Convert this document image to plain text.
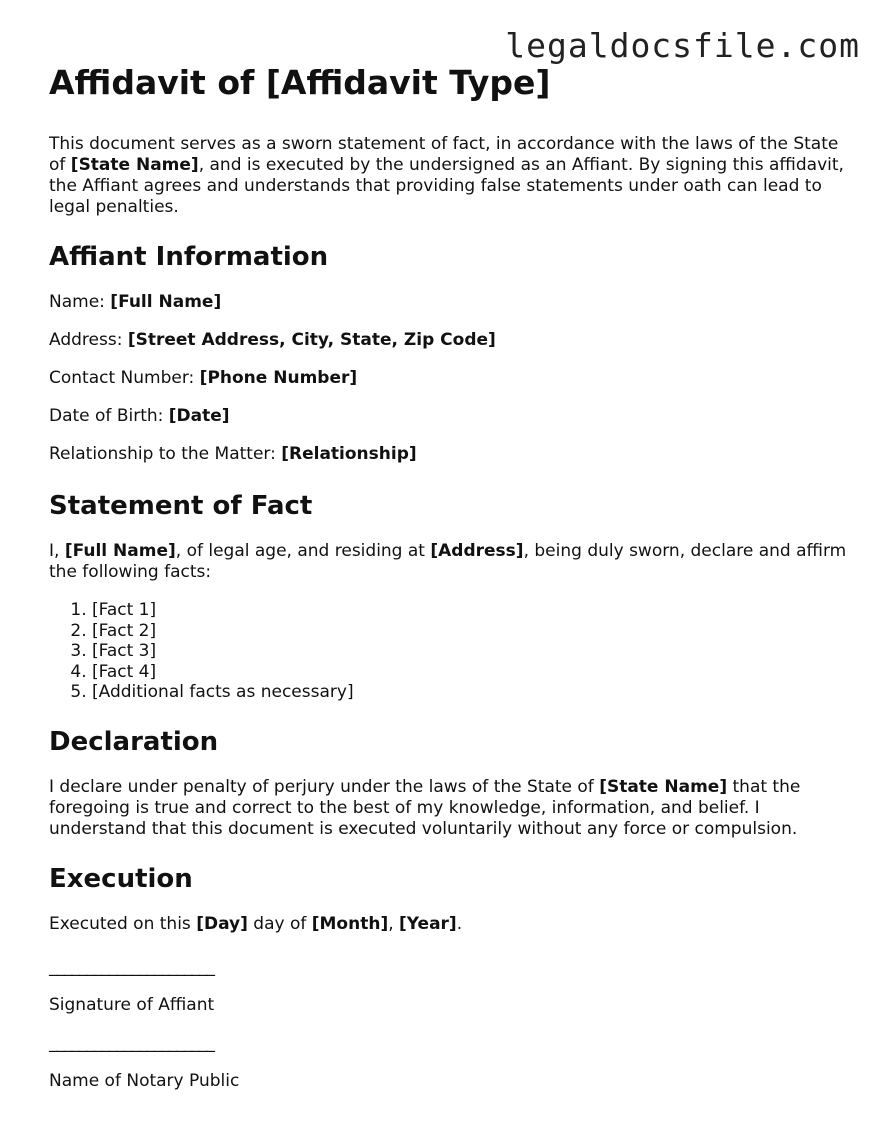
legaldocsfile.com
Affidavit of [Affidavit Type]

This document serves as a sworn statement of fact, in accordance with the laws of the State of [State Name], and is executed by the undersigned as an Affiant. By signing this affidavit, the Affiant agrees and understands that providing false statements under oath can lead to legal penalties.

Affiant Information

Name: [Full Name]

Address: [Street Address, City, State, Zip Code]

Contact Number: [Phone Number]

Date of Birth: [Date]

Relationship to the Matter: [Relationship]

Statement of Fact

I, [Full Name], of legal age, and residing at [Address], being duly sworn, declare and affirm the following facts:

1. [Fact 1]
2. [Fact 2]
3. [Fact 3]
4. [Fact 4]
5. [Additional facts as necessary]
Declaration

I declare under penalty of perjury under the laws of the State of [State Name] that the foregoing is true and correct to the best of my knowledge, information, and belief. I understand that this document is executed voluntarily without any force or compulsion.

Execution

Executed on this [Day] day of [Month], [Year].

______________________

Signature of Affiant

______________________

Name of Notary Public
